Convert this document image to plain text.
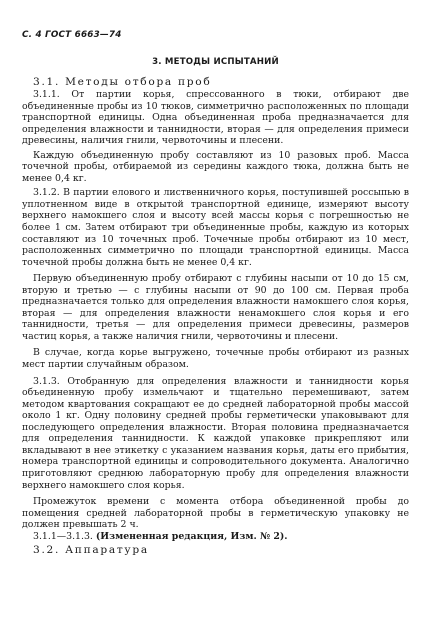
С. 4 ГОСТ 6663—74
3. МЕТОДЫ ИСПЫТАНИЙ
3.1. Методы отбора проб

3.1.1. От партии корья, спрессованного в тюки, отбирают две объединенные пробы из 10 тюков, симметрично расположенных по площади транспортной единицы. Одна объединенная проба предназначается для определения влажности и таннидности, вторая — для определения примеси древесины, наличия гнили, червоточины и плесени.

Каждую объединенную пробу составляют из 10 разовых проб. Масса точечной пробы, отбираемой из середины каждого тюка, должна быть не менее 0,4 кг.

3.1.2. В партии елового и лиственничного корья, поступившей россыпью в уплотненном виде в открытой транспортной единице, измеряют высоту верхнего намокшего слоя и высоту всей массы корья с погрешностью не более 1 см. Затем отбирают три объединенные пробы, каждую из которых составляют из 10 точечных проб. Точечные пробы отбирают из 10 мест, расположенных симметрично по площади транспортной единицы. Масса точечной пробы должна быть не менее 0,4 кг.

Первую объединенную пробу отбирают с глубины насыпи от 10 до 15 см, вторую и третью — с глубины насыпи от 90 до 100 см. Первая проба предназначается только для определения влажности намокшего слоя корья, вторая — для определения влажности ненамокшего слоя корья и его таннидности, третья — для определения примеси древесины, размеров частиц корья, а также наличия гнили, червоточины и плесени.

В случае, когда корье выгружено, точечные пробы отбирают из разных мест партии случайным образом.

3.1.3. Отобранную для определения влажности и таннидности корья объединенную пробу измельчают и тщательно перемешивают, затем методом квартования сокращают ее до средней лабораторной пробы массой около 1 кг. Одну половину средней пробы герметически упаковывают для последующего определения влажности. Вторая половина предназначается для определения таннидности. К каждой упаковке прикрепляют или вкладывают в нее этикетку с указанием названия корья, даты его прибытия, номера транспортной единицы и сопроводительного документа. Аналогично приготовляют среднюю лабораторную пробу для определения влажности верхнего намокшего слоя корья.

Промежуток времени с момента отбора объединенной пробы до помещения средней лабораторной пробы в герметическую упаковку не должен превышать 2 ч.

3.1.1—3.1.3. (Измененная редакция, Изм. № 2).

3.2. Аппаратура
